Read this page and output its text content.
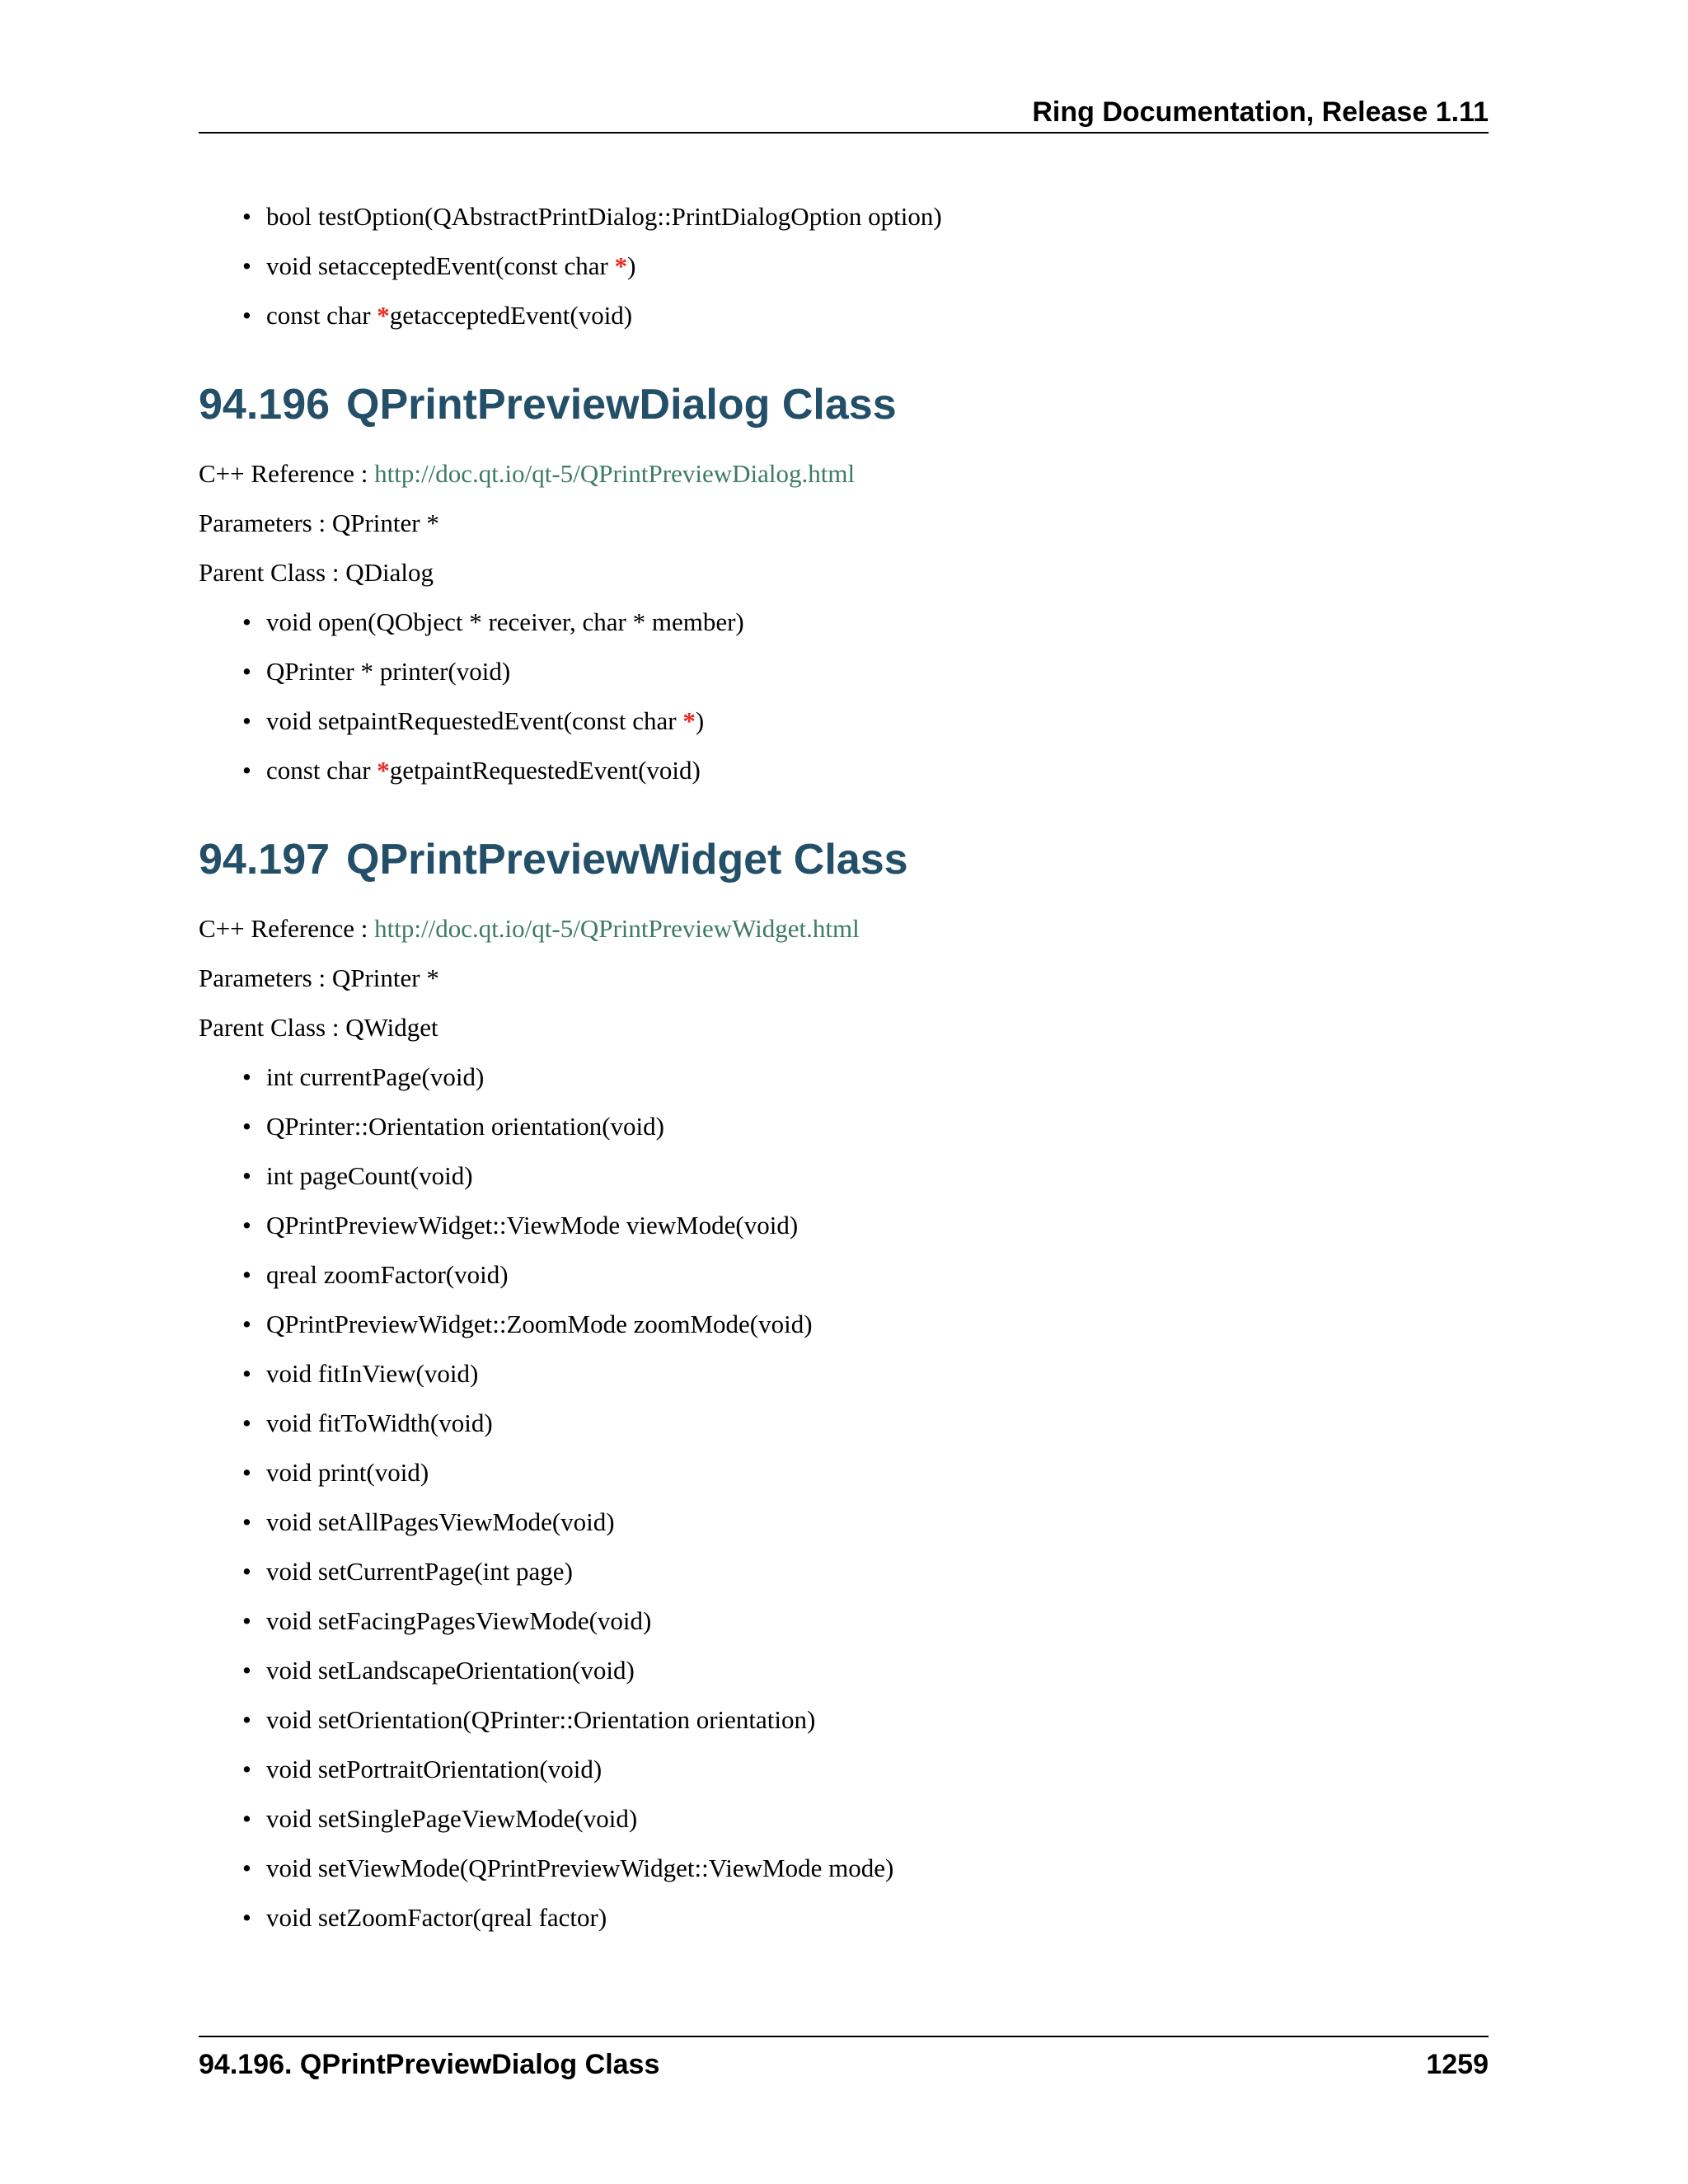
Ring Documentation, Release 1.11
• bool testOption(QAbstractPrintDialog::PrintDialogOption option)
• void setacceptedEvent(const char *)
• const char *getacceptedEvent(void)
94.196 QPrintPreviewDialog Class
C++ Reference : http://doc.qt.io/qt-5/QPrintPreviewDialog.html
Parameters : QPrinter *
Parent Class : QDialog
• void open(QObject * receiver, char * member)
• QPrinter * printer(void)
• void setpaintRequestedEvent(const char *)
• const char *getpaintRequestedEvent(void)
94.197 QPrintPreviewWidget Class
C++ Reference : http://doc.qt.io/qt-5/QPrintPreviewWidget.html
Parameters : QPrinter *
Parent Class : QWidget
• int currentPage(void)
• QPrinter::Orientation orientation(void)
• int pageCount(void)
• QPrintPreviewWidget::ViewMode viewMode(void)
• qreal zoomFactor(void)
• QPrintPreviewWidget::ZoomMode zoomMode(void)
• void fitInView(void)
• void fitToWidth(void)
• void print(void)
• void setAllPagesViewMode(void)
• void setCurrentPage(int page)
• void setFacingPagesViewMode(void)
• void setLandscapeOrientation(void)
• void setOrientation(QPrinter::Orientation orientation)
• void setPortraitOrientation(void)
• void setSinglePageViewMode(void)
• void setViewMode(QPrintPreviewWidget::ViewMode mode)
• void setZoomFactor(qreal factor)
94.196. QPrintPreviewDialog Class	1259
